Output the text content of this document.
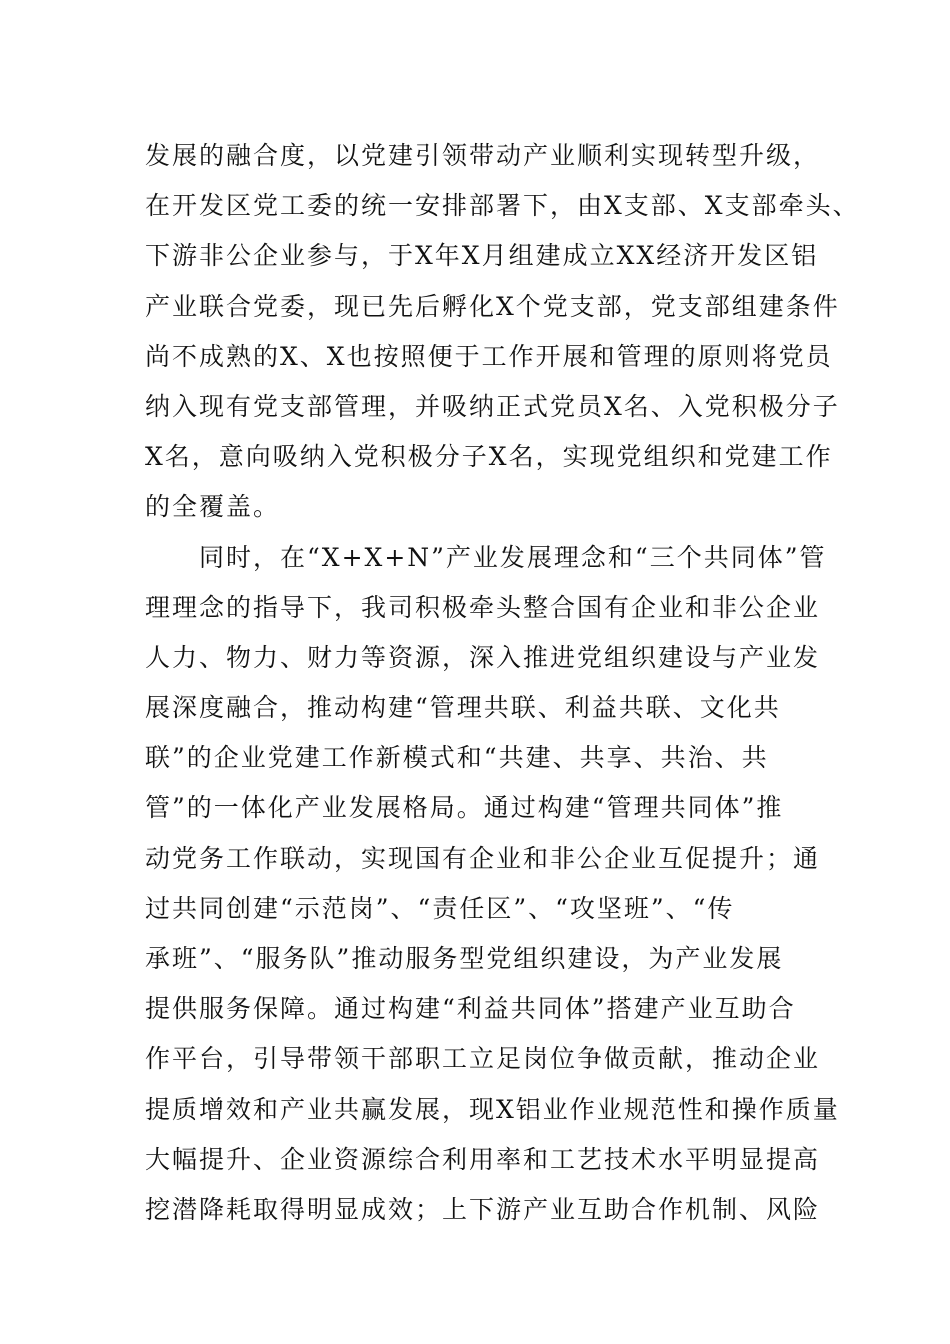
发展的融合度，以党建引领带动产业顺利实现转型升级，
在开发区党工委的统一安排部署下，由X支部、X支部牵头、
下游非公企业参与，于X年X月组建成立XX经济开发区铝
产业联合党委，现已先后孵化X个党支部，党支部组建条件
尚不成熟的X、X也按照便于工作开展和管理的原则将党员
纳入现有党支部管理，并吸纳正式党员X名、入党积极分子
X名，意向吸纳入党积极分子X名，实现党组织和党建工作
的全覆盖。
　　同时，在“X+X+N”产业发展理念和“三个共同体”管
理理念的指导下，我司积极牵头整合国有企业和非公企业
人力、物力、财力等资源，深入推进党组织建设与产业发
展深度融合，推动构建“管理共联、利益共联、文化共
联”的企业党建工作新模式和“共建、共享、共治、共
管”的一体化产业发展格局。通过构建“管理共同体”推
动党务工作联动，实现国有企业和非公企业互促提升；通
过共同创建“示范岗”、“责任区”、“攻坚班”、“传
承班”、“服务队”推动服务型党组织建设，为产业发展
提供服务保障。通过构建“利益共同体”搭建产业互助合
作平台，引导带领干部职工立足岗位争做贡献，推动企业
提质增效和产业共赢发展，现X铝业作业规范性和操作质量
大幅提升、企业资源综合利用率和工艺技术水平明显提高
挖潜降耗取得明显成效；上下游产业互助合作机制、风险
